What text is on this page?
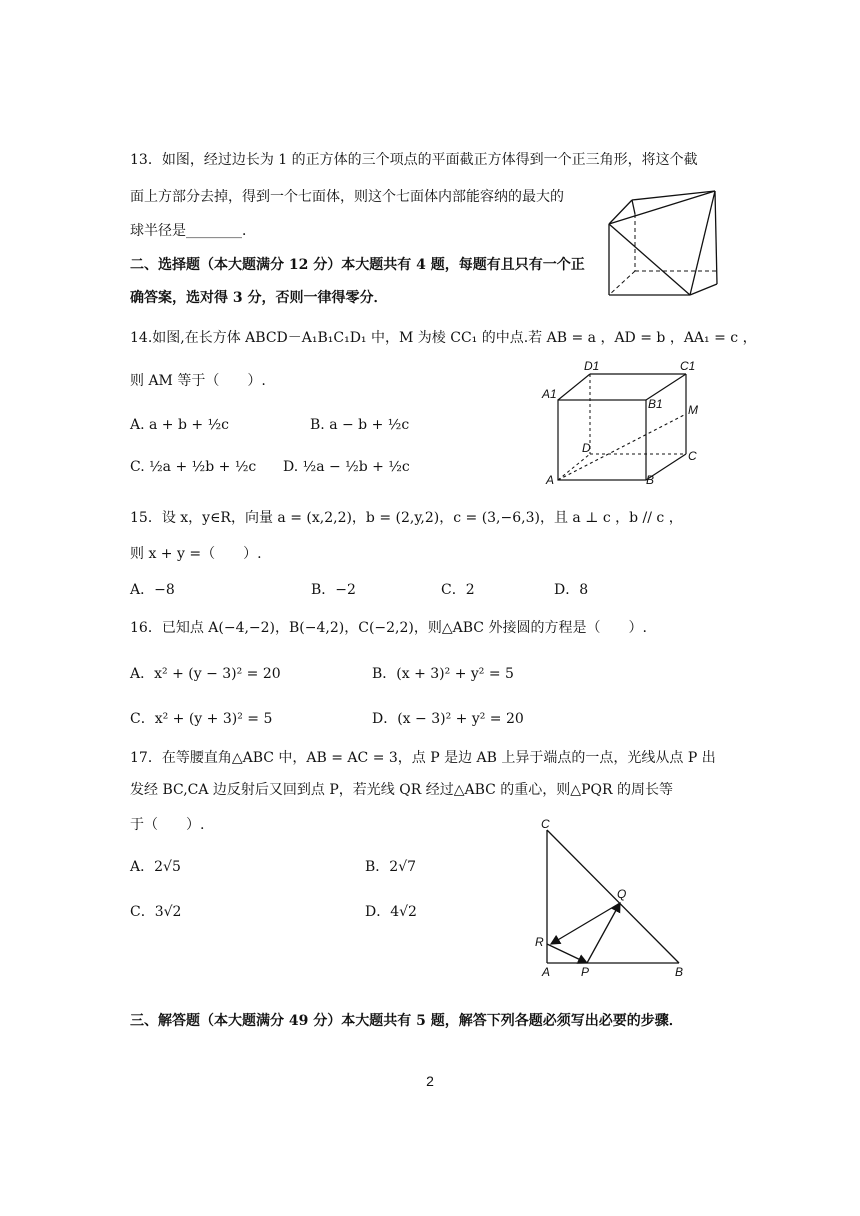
13．如图，经过边长为 1 的正方体的三个项点的平面截正方体得到一个正三角形，将这个截
面上方部分去掉，得到一个七面体，则这个七面体内部能容纳的最大的
球半径是________．
二、选择题（本大题满分 12 分）本大题共有 4 题，每题有且只有一个正
确答案，选对得 3 分，否则一律得零分．
14.如图,在长方体 ABCD－A₁B₁C₁D₁ 中，M 为棱 CC₁ 的中点.若 AB = a ，AD = b ，AA₁ = c ，
则 AM 等于（　　）.
A. a + b + ½c	B. a − b + ½c
C. ½a + ½b + ½c D. ½a − ½b + ½c
D1	C1
A1
B1 M
D
C
A	B
15．设 x，y∈R，向量 a = (x,2,2)，b = (2,y,2)，c = (3,−6,3)，且 a ⊥ c ，b // c ，
则 x + y =（　　）.
A．−8	B．−2	C．2	D．8
16．已知点 A(−4,−2)，B(−4,2)，C(−2,2)，则△ABC 外接圆的方程是（　　）.
A．x² + (y − 3)² = 20	B．(x + 3)² + y² = 5
C．x² + (y + 3)² = 5	D．(x − 3)² + y² = 20
17．在等腰直角△ABC 中，AB = AC = 3，点 P 是边 AB 上异于端点的一点，光线从点 P 出
发经 BC,CA 边反射后又回到点 P，若光线 QR 经过△ABC 的重心，则△PQR 的周长等
于（　　）.
A．2√5	B．2√7
C．3√2	D．4√2
C
Q
R
A	P	B
三、解答题（本大题满分 49 分）本大题共有 5 题，解答下列各题必须写出必要的步骤．
2
